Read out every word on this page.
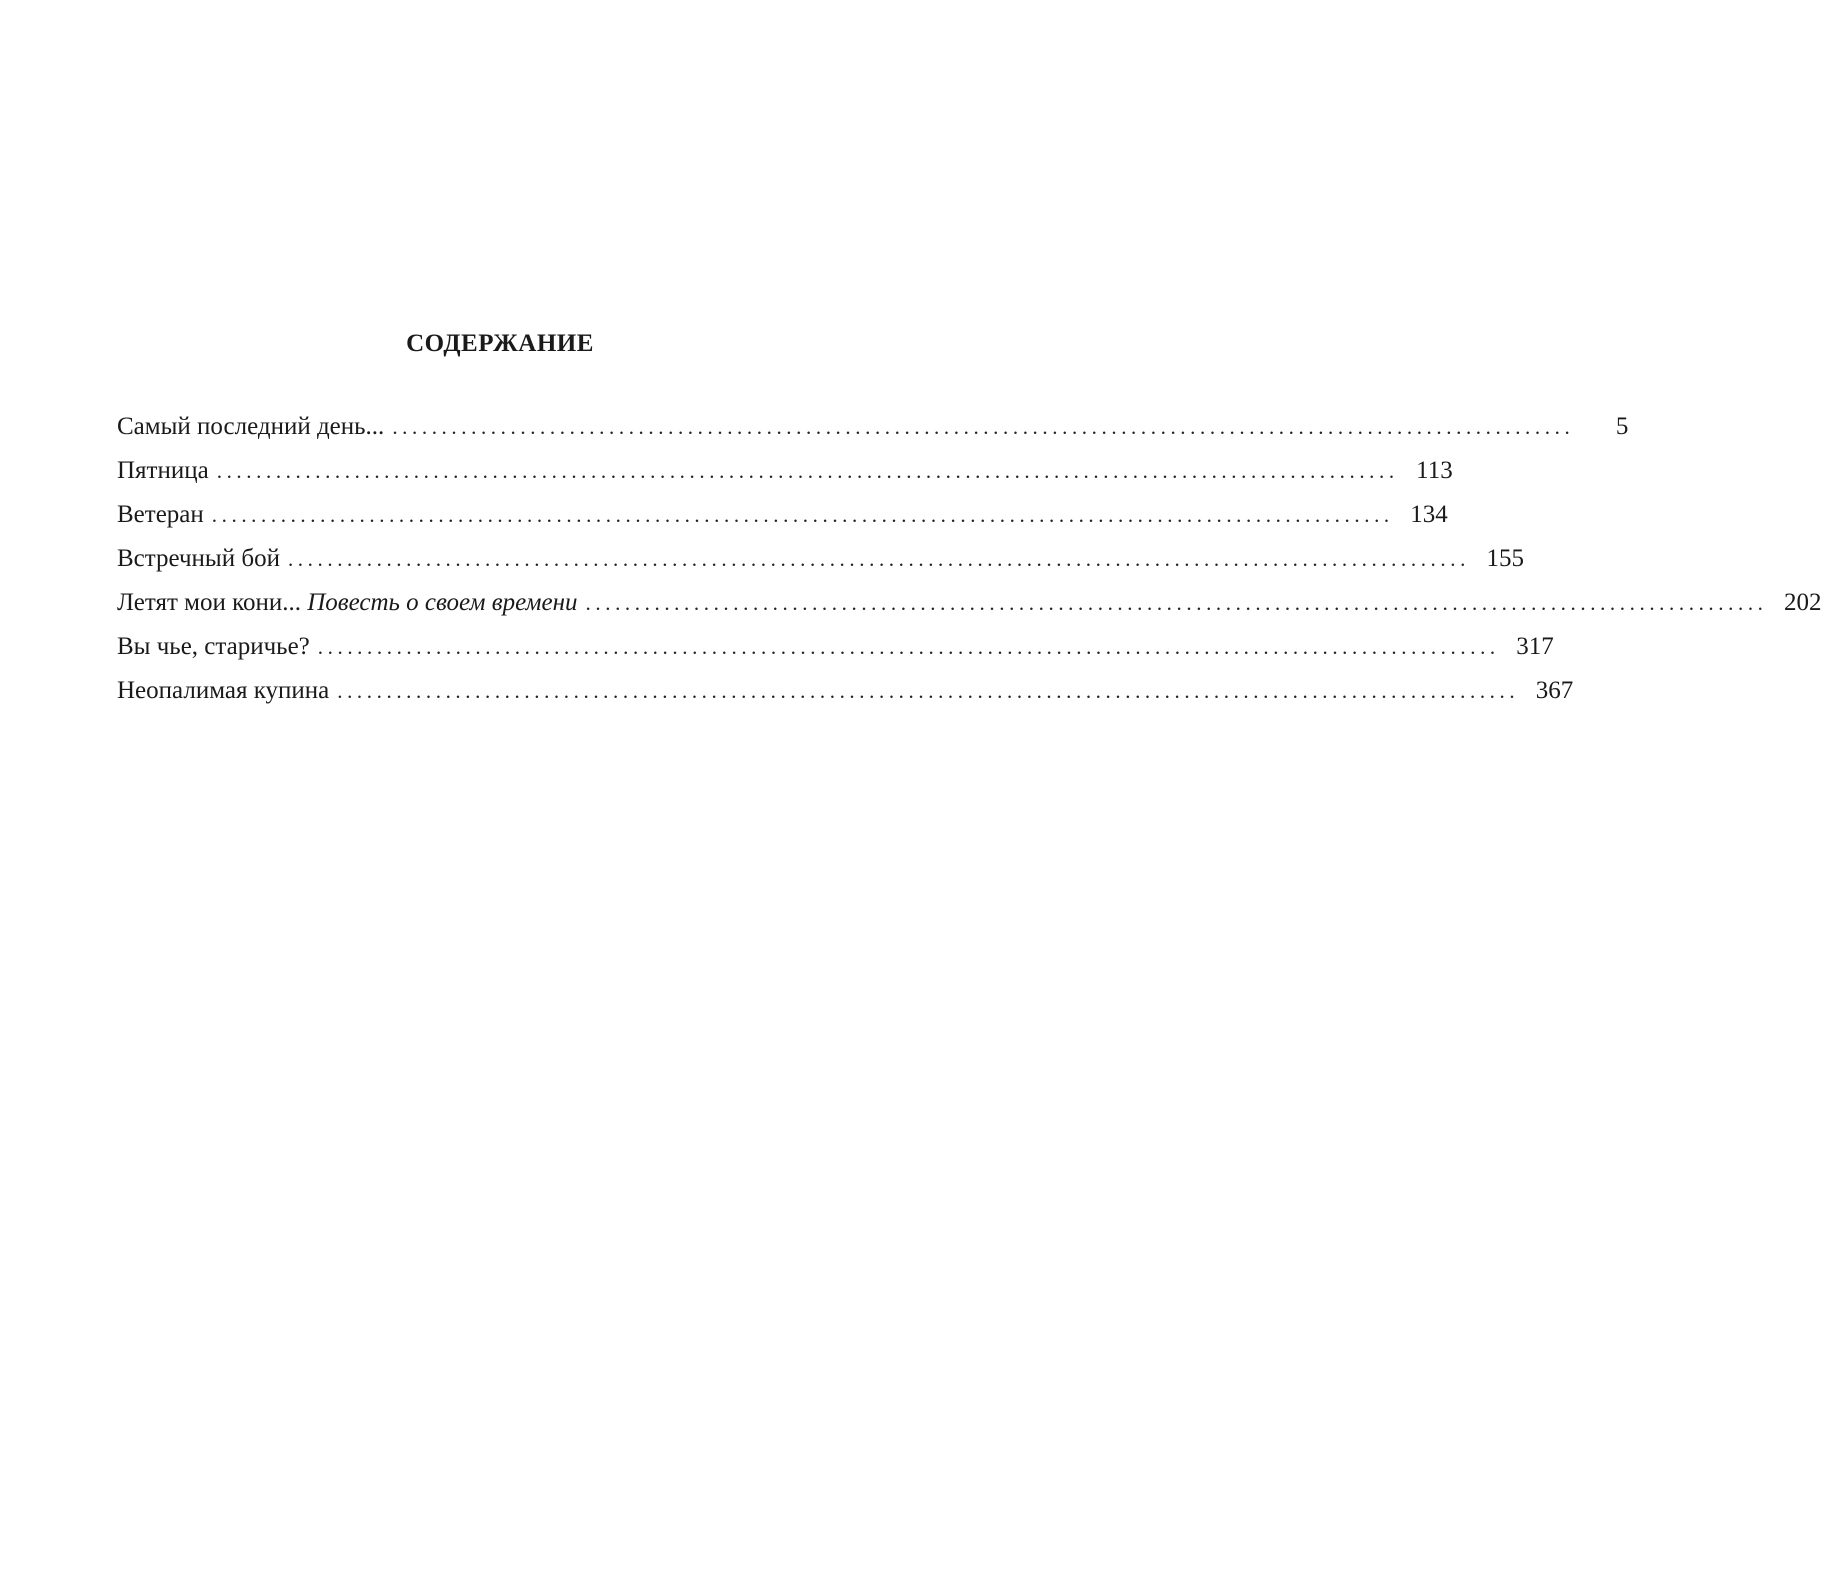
СОДЕРЖАНИЕ
Самый последний день... ........................................................................................................................	5
Пятница ........................................................................................................................ 113
Ветеран ........................................................................................................................ 134
Встречный бой ........................................................................................................................ 155
Летят мои кони... Повесть о своем времени ........................................................................................................................ 202
Вы чье, старичье? ........................................................................................................................ 317
Неопалимая купина ........................................................................................................................ 367
